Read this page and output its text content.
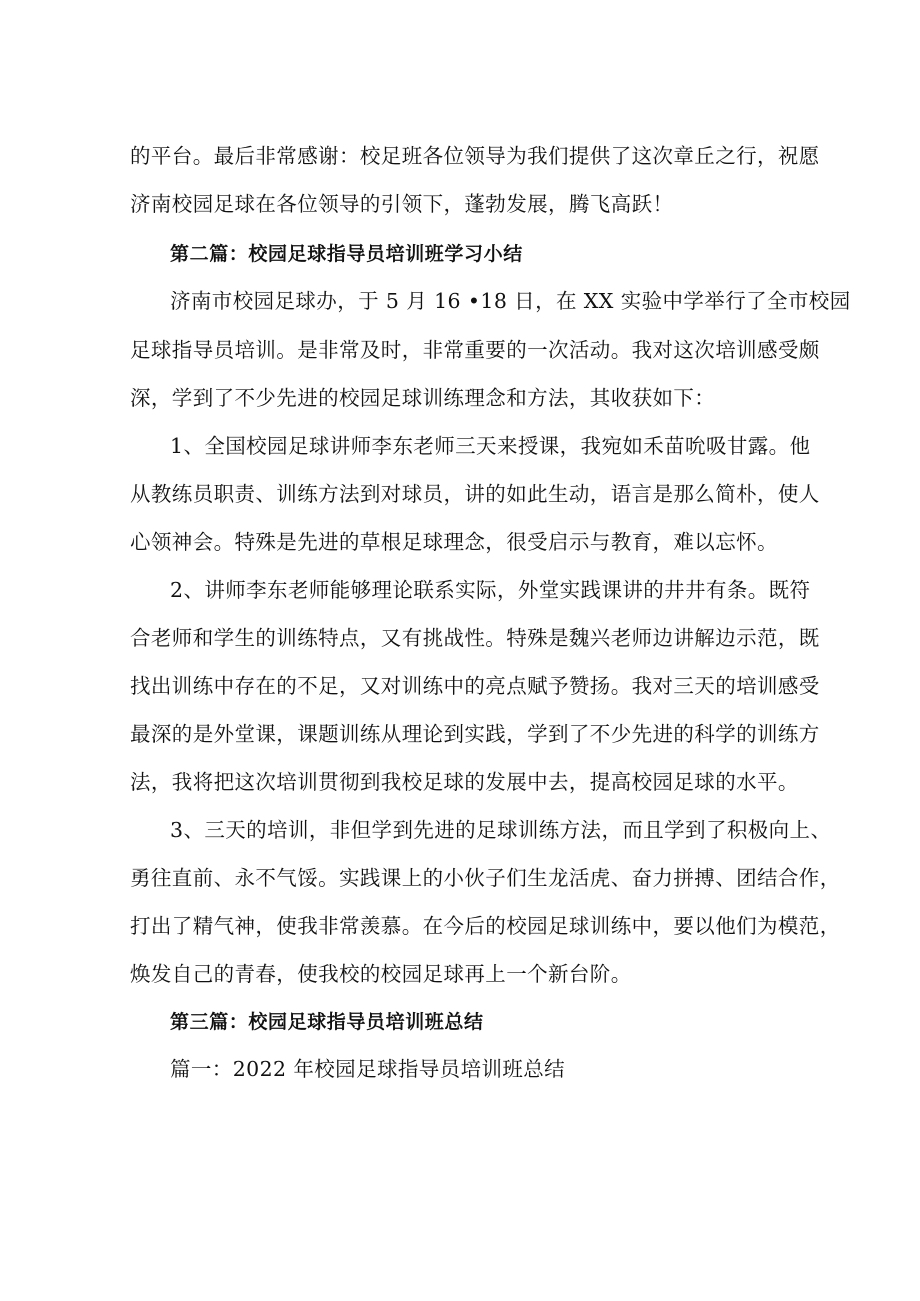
的平台。最后非常感谢：校足班各位领导为我们提供了这次章丘之行，祝愿
济南校园足球在各位领导的引领下，蓬勃发展，腾飞高跃！
第二篇：校园足球指导员培训班学习小结
济南市校园足球办，于 5 月 16 •18 日，在 XX 实验中学举行了全市校园
足球指导员培训。是非常及时，非常重要的一次活动。我对这次培训感受颇
深，学到了不少先进的校园足球训练理念和方法，其收获如下：
1、全国校园足球讲师李东老师三天来授课，我宛如禾苗吮吸甘露。他
从教练员职责、训练方法到对球员，讲的如此生动，语言是那么简朴，使人
心领神会。特殊是先进的草根足球理念，很受启示与教育，难以忘怀。
2、讲师李东老师能够理论联系实际，外堂实践课讲的井井有条。既符
合老师和学生的训练特点，又有挑战性。特殊是魏兴老师边讲解边示范，既
找出训练中存在的不足，又对训练中的亮点赋予赞扬。我对三天的培训感受
最深的是外堂课，课题训练从理论到实践，学到了不少先进的科学的训练方
法，我将把这次培训贯彻到我校足球的发展中去，提高校园足球的水平。
3、三天的培训，非但学到先进的足球训练方法，而且学到了积极向上、
勇往直前、永不气馁。实践课上的小伙子们生龙活虎、奋力拼搏、团结合作，
打出了精气神，使我非常羡慕。在今后的校园足球训练中，要以他们为模范，
焕发自己的青春，使我校的校园足球再上一个新台阶。
第三篇：校园足球指导员培训班总结
篇一：2022 年校园足球指导员培训班总结
